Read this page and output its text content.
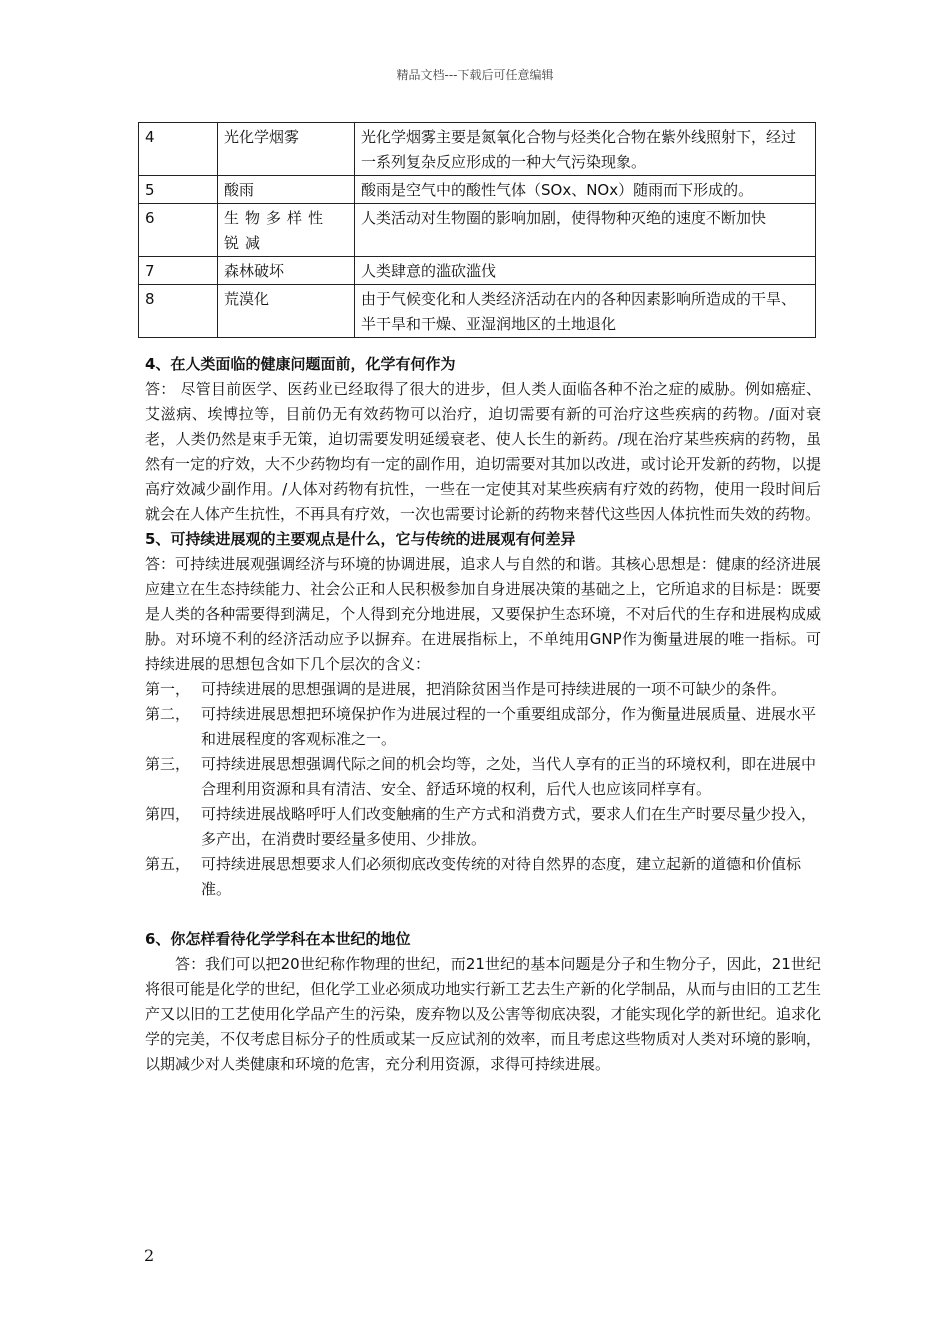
精品文档---下载后可任意编辑
4	光化学烟雾	光化学烟雾主要是氮氧化合物与烃类化合物在紫外线照射下，经过一系列复杂反应形成的一种大气污染现象。
5	酸雨	酸雨是空气中的酸性气体（SOx、NOx）随雨而下形成的。
6	生物多样性锐减	人类活动对生物圈的影响加剧，使得物种灭绝的速度不断加快
7	森林破坏	人类肆意的滥砍滥伐
8	荒漠化	由于气候变化和人类经济活动在内的各种因素影响所造成的干旱、半干旱和干燥、亚湿润地区的土地退化

4、在人类面临的健康问题面前，化学有何作为

答： 尽管目前医学、医药业已经取得了很大的进步，但人类人面临各种不治之症的威胁。例如癌症、艾滋病、埃博拉等，目前仍无有效药物可以治疗，迫切需要有新的可治疗这些疾病的药物。/面对衰老，人类仍然是束手无策，迫切需要发明延缓衰老、使人长生的新药。/现在治疗某些疾病的药物，虽然有一定的疗效，大不少药物均有一定的副作用，迫切需要对其加以改进，或讨论开发新的药物，以提高疗效减少副作用。/人体对药物有抗性，一些在一定使其对某些疾病有疗效的药物，使用一段时间后就会在人体产生抗性，不再具有疗效，一次也需要讨论新的药物来替代这些因人体抗性而失效的药物。

5、可持续进展观的主要观点是什么，它与传统的进展观有何差异

答：可持续进展观强调经济与环境的协调进展，追求人与自然的和谐。其核心思想是：健康的经济进展应建立在生态持续能力、社会公正和人民积极参加自身进展决策的基础之上，它所追求的目标是：既要是人类的各种需要得到满足，个人得到充分地进展，又要保护生态环境，不对后代的生存和进展构成威胁。对环境不利的经济活动应予以摒弃。在进展指标上，不单纯用GNP作为衡量进展的唯一指标。可持续进展的思想包含如下几个层次的含义：

第一， 可持续进展的思想强调的是进展，把消除贫困当作是可持续进展的一项不可缺少的条件。
第二， 可持续进展思想把环境保护作为进展过程的一个重要组成部分，作为衡量进展质量、进展水平和进展程度的客观标准之一。
第三， 可持续进展思想强调代际之间的机会均等，之处，当代人享有的正当的环境权利，即在进展中合理利用资源和具有清洁、安全、舒适环境的权利，后代人也应该同样享有。
第四， 可持续进展战略呼吁人们改变触痛的生产方式和消费方式，要求人们在生产时要尽量少投入，多产出，在消费时要经量多使用、少排放。
第五， 可持续进展思想要求人们必须彻底改变传统的对待自然界的态度，建立起新的道德和价值标准。

6、你怎样看待化学学科在本世纪的地位

答：我们可以把20世纪称作物理的世纪，而21世纪的基本问题是分子和生物分子，因此，21世纪将很可能是化学的世纪，但化学工业必须成功地实行新工艺去生产新的化学制品，从而与由旧的工艺生产又以旧的工艺使用化学品产生的污染，废弃物以及公害等彻底决裂，才能实现化学的新世纪。追求化学的完美，不仅考虑目标分子的性质或某一反应试剂的效率，而且考虑这些物质对人类对环境的影响，以期减少对人类健康和环境的危害，充分利用资源，求得可持续进展。

2
